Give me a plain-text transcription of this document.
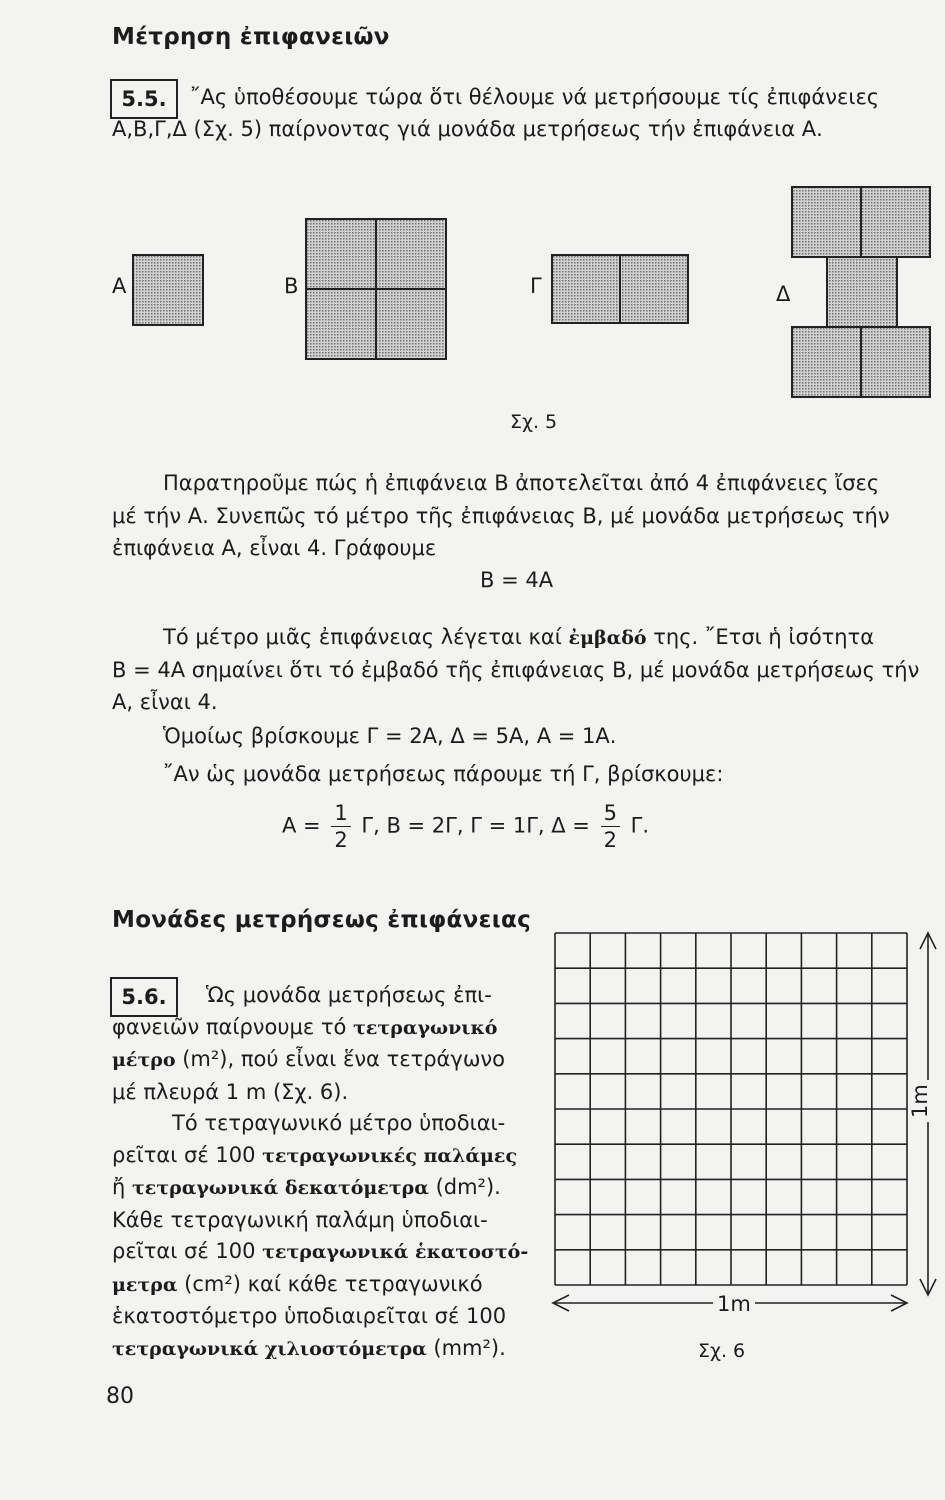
Μέτρηση ἐπιφανειῶν
5.5.	῎Ας ὑποθέσουμε τώρα ὅτι θέλουμε νά μετρήσουμε τίς ἐπιφάνειες
Α,Β,Γ,Δ (Σχ. 5) παίρνοντας γιά μονάδα μετρήσεως τήν ἐπιφάνεια Α.
Α	Β	Γ	Δ
Σχ. 5
Παρατηροῦμε πώς ἡ ἐπιφάνεια Β ἀποτελεῖται ἀπό 4 ἐπιφάνειες ἴσες
μέ τήν Α. Συνεπῶς τό μέτρο τῆς ἐπιφάνειας Β, μέ μονάδα μετρήσεως τήν
ἐπιφάνεια Α, εἶναι 4. Γράφουμε
Β = 4Α
Τό μέτρο μιᾶς ἐπιφάνειας λέγεται καί ἐμβαδό της. ῎Ετσι ἡ ἰσότητα
Β = 4Α σημαίνει ὅτι τό ἐμβαδό τῆς ἐπιφάνειας Β, μέ μονάδα μετρήσεως τήν
Α, εἶναι 4.
Ὁμοίως βρίσκουμε Γ = 2Α, Δ = 5Α, Α = 1Α.
῎Αν ὡς μονάδα μετρήσεως πάρουμε τή Γ, βρίσκουμε:
$A = \frac{1}{2} \Gamma$, Β = 2Γ, Γ = 1Γ, $\Delta = \frac{5}{2} \Gamma$.
Μονάδες μετρήσεως ἐπιφάνειας
5.6.	Ὡς μονάδα μετρήσεως ἐπι-

φανειῶν παίρνουμε τό τετραγωνικό

μέτρο (m²), πού εἶναι ἕνα τετράγωνο

μέ πλευρά 1 m (Σχ. 6).

Τό τετραγωνικό μέτρο ὑποδιαι-

ρεῖται σέ 100 τετραγωνικές παλάμες

ἤ τετραγωνικά δεκατόμετρα (dm²).

Κάθε τετραγωνική παλάμη ὑποδιαι-

ρεῖται σέ 100 τετραγωνικά ἑκατοστό-

μετρα (cm²) καί κάθε τετραγωνικό

ἑκατοστόμετρο ὑποδιαιρεῖται σέ 100

τετραγωνικά χιλιοστόμετρα (mm²).

1m
1m
Σχ. 6
80
